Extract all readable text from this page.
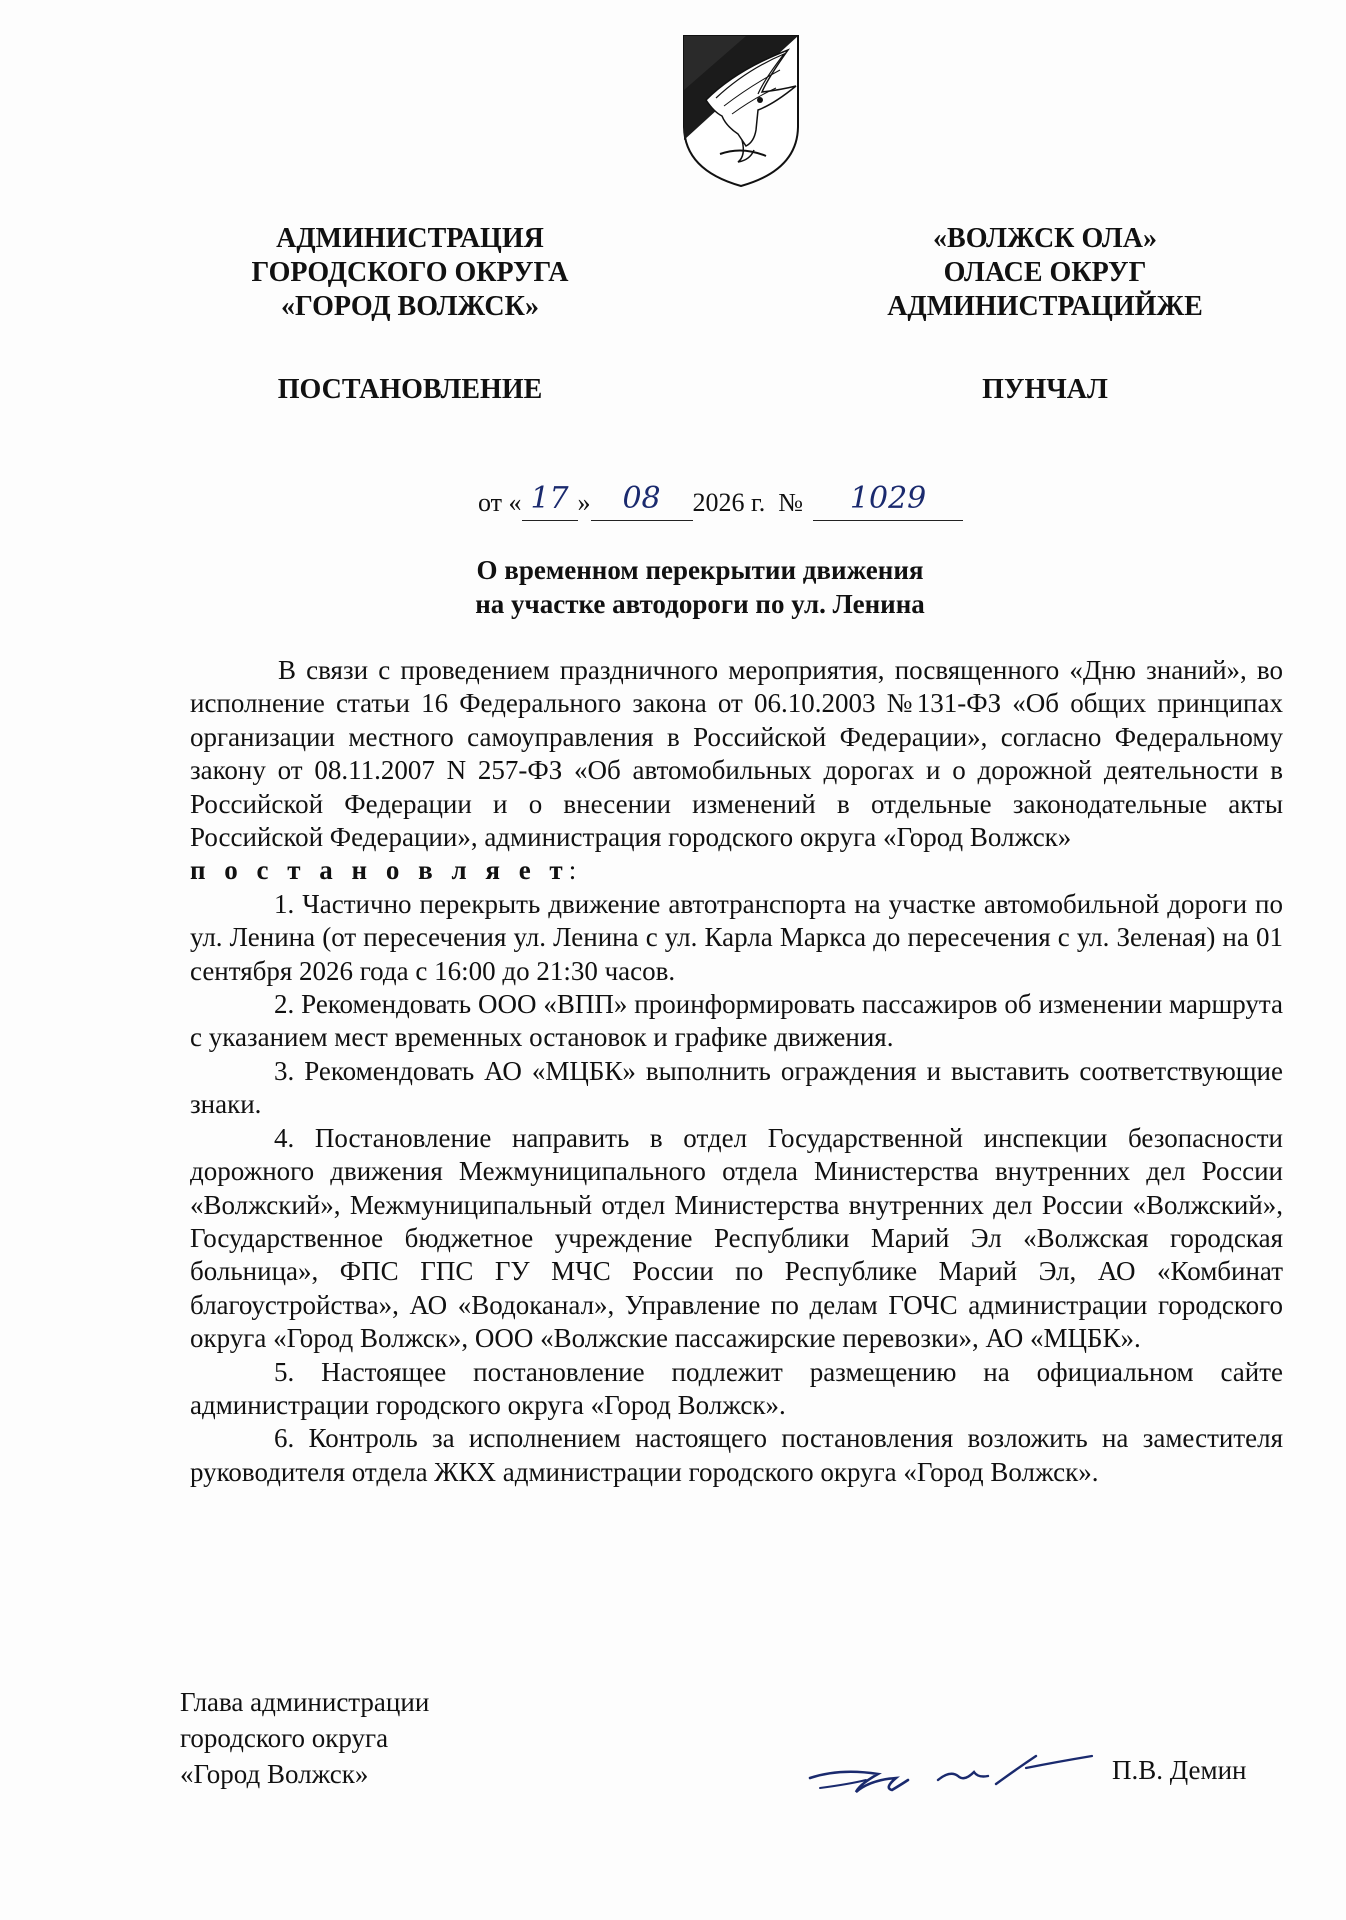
АДМИНИСТРАЦИЯ
ГОРОДСКОГО ОКРУГА
«ГОРОД ВОЛЖСК»
«ВОЛЖСК ОЛА»
ОЛАСЕ ОКРУГ
АДМИНИСТРАЦИЙЖЕ
ПОСТАНОВЛЕНИЕ	ПУНЧАЛ
от « 17 » 08 2026 г. № 1029
О временном перекрытии движения
на участке автодороги по ул. Ленина

В связи с проведением праздничного мероприятия, посвященного «Дню знаний», во исполнение статьи 16 Федерального закона от 06.10.2003 №131-ФЗ «Об общих принципах организации местного самоуправления в Российской Федерации», согласно Федеральному закону от 08.11.2007 N 257-ФЗ «Об автомобильных дорогах и о дорожной деятельности в Российской Федерации и о внесении изменений в отдельные законодательные акты Российской Федерации», администрация городского округа «Город Волжск»

п о с т а н о в л я е т:

1. Частично перекрыть движение автотранспорта на участке автомобильной дороги по ул. Ленина (от пересечения ул. Ленина с ул. Карла Маркса до пересечения с ул. Зеленая) на 01 сентября 2026 года с 16:00 до 21:30 часов.

2. Рекомендовать ООО «ВПП» проинформировать пассажиров об изменении маршрута с указанием мест временных остановок и графике движения.

3. Рекомендовать АО «МЦБК» выполнить ограждения и выставить соответствующие знаки.

4. Постановление направить в отдел Государственной инспекции безопасности дорожного движения Межмуниципального отдела Министерства внутренних дел России «Волжский», Межмуниципальный отдел Министерства внутренних дел России «Волжский», Государственное бюджетное учреждение Республики Марий Эл «Волжская городская больница», ФПС ГПС ГУ МЧС России по Республике Марий Эл, АО «Комбинат благоустройства», АО «Водоканал», Управление по делам ГОЧС администрации городского округа «Город Волжск», ООО «Волжские пассажирские перевозки», АО «МЦБК».

5. Настоящее постановление подлежит размещению на официальном сайте администрации городского округа «Город Волжск».

6. Контроль за исполнением настоящего постановления возложить на заместителя руководителя отдела ЖКХ администрации городского округа «Город Волжск».

Глава администрации
городского округа
«Город Волжск»	П.В. Демин
